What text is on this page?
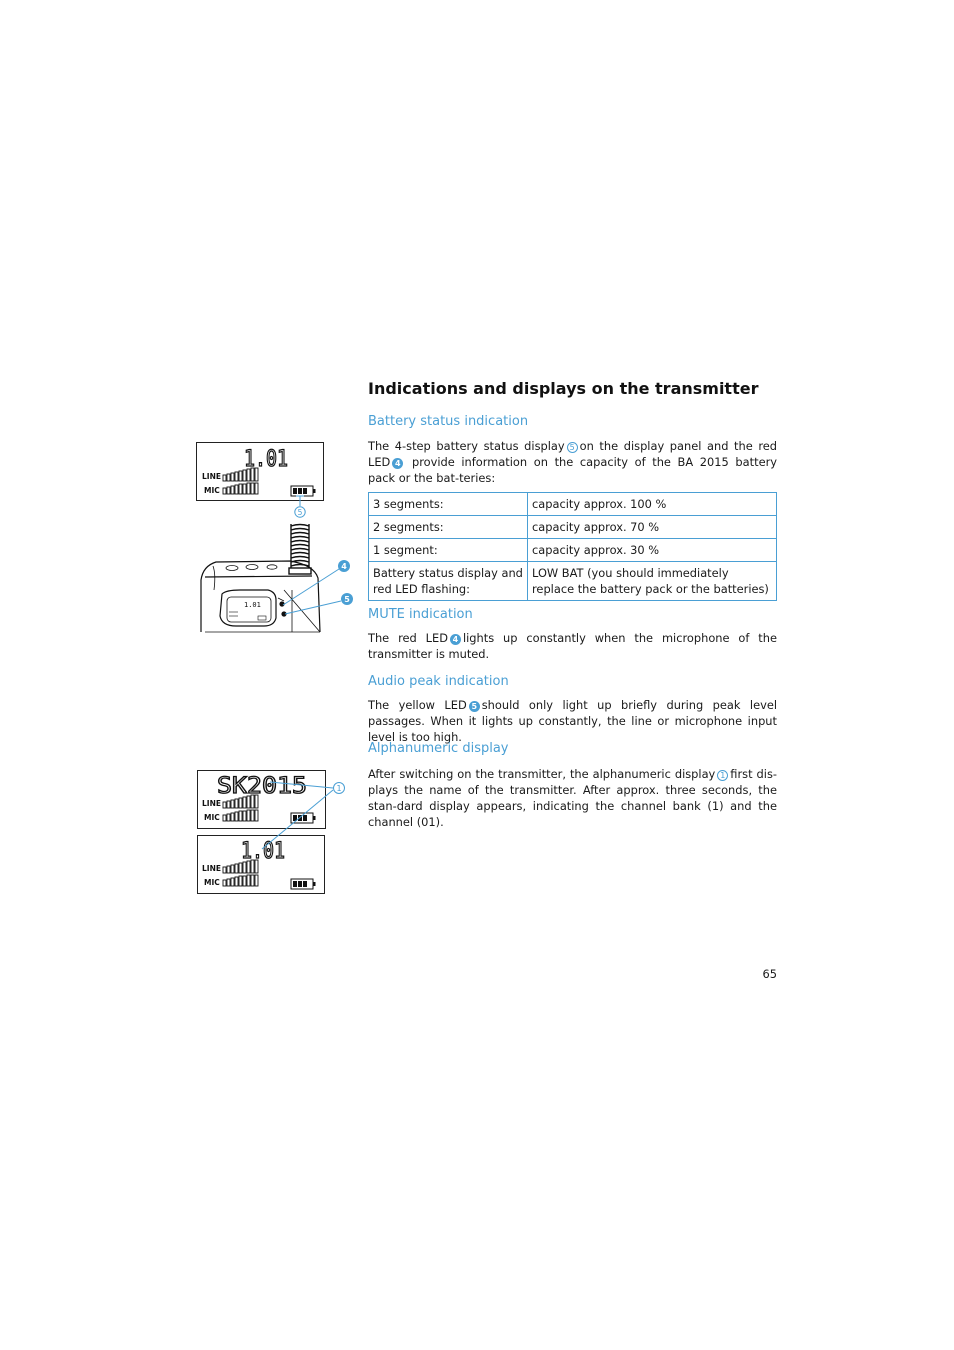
Indications and displays on the transmitter
Battery status indication
The 4-step battery status display 5 on the display panel and the red LED 4 provide information on the capacity of the BA 2015 battery pack or the bat-teries:
3 segments:	capacity approx. 100 %
2 segments:	capacity approx. 70 %
1 segment:	capacity approx. 30 %
Battery status display and red LED flashing:	LOW BAT (you should immediately replace the battery pack or the batteries)
MUTE indication
The red LED 4 lights up constantly when the microphone of the transmitter is muted.
Audio peak indication
The yellow LED 5 should only light up briefly during peak level passages. When it lights up constantly, the line or microphone input level is too high.
Alphanumeric display
After switching on the transmitter, the alphanumeric display 1 first dis-plays the name of the transmitter. After approx. three seconds, the stan-dard display appears, indicating the channel bank (1) and the channel (01).
65
1.01
LINE
MIC
5
1.01
4
5
SK2015
LINE
MIC
1.01
LINE
MIC
1
